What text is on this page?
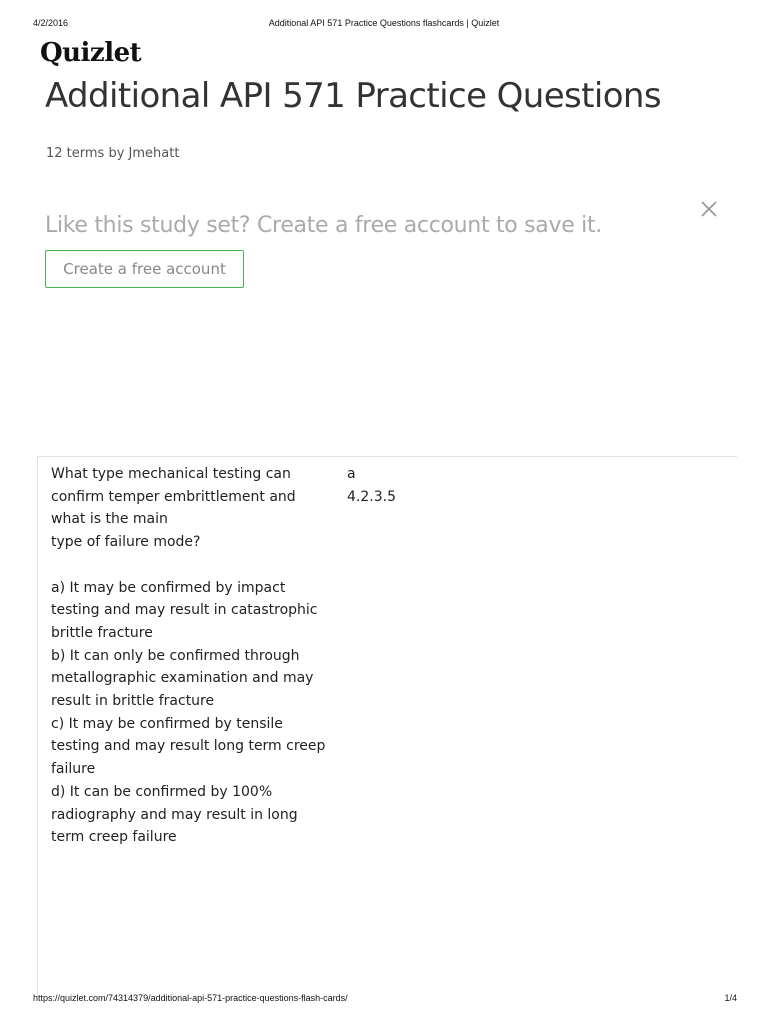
4/2/2016	Additional API 571 Practice Questions flashcards | Quizlet
Quizlet
Additional API 571 Practice Questions
12 terms by Jmehatt
Like this study set? Create a free account to save it.
Create a free account
What type mechanical testing can
confirm temper embrittlement and
what is the main
type of failure mode?

a) It may be confirmed by impact
testing and may result in catastrophic
brittle fracture
b) It can only be confirmed through
metallographic examination and may
result in brittle fracture
c) It may be confirmed by tensile
testing and may result long term creep
failure
d) It can be confirmed by 100%
radiography and may result in long
term creep failure
a
4.2.3.5
https://quizlet.com/74314379/additional-api-571-practice-questions-flash-cards/	1/4
